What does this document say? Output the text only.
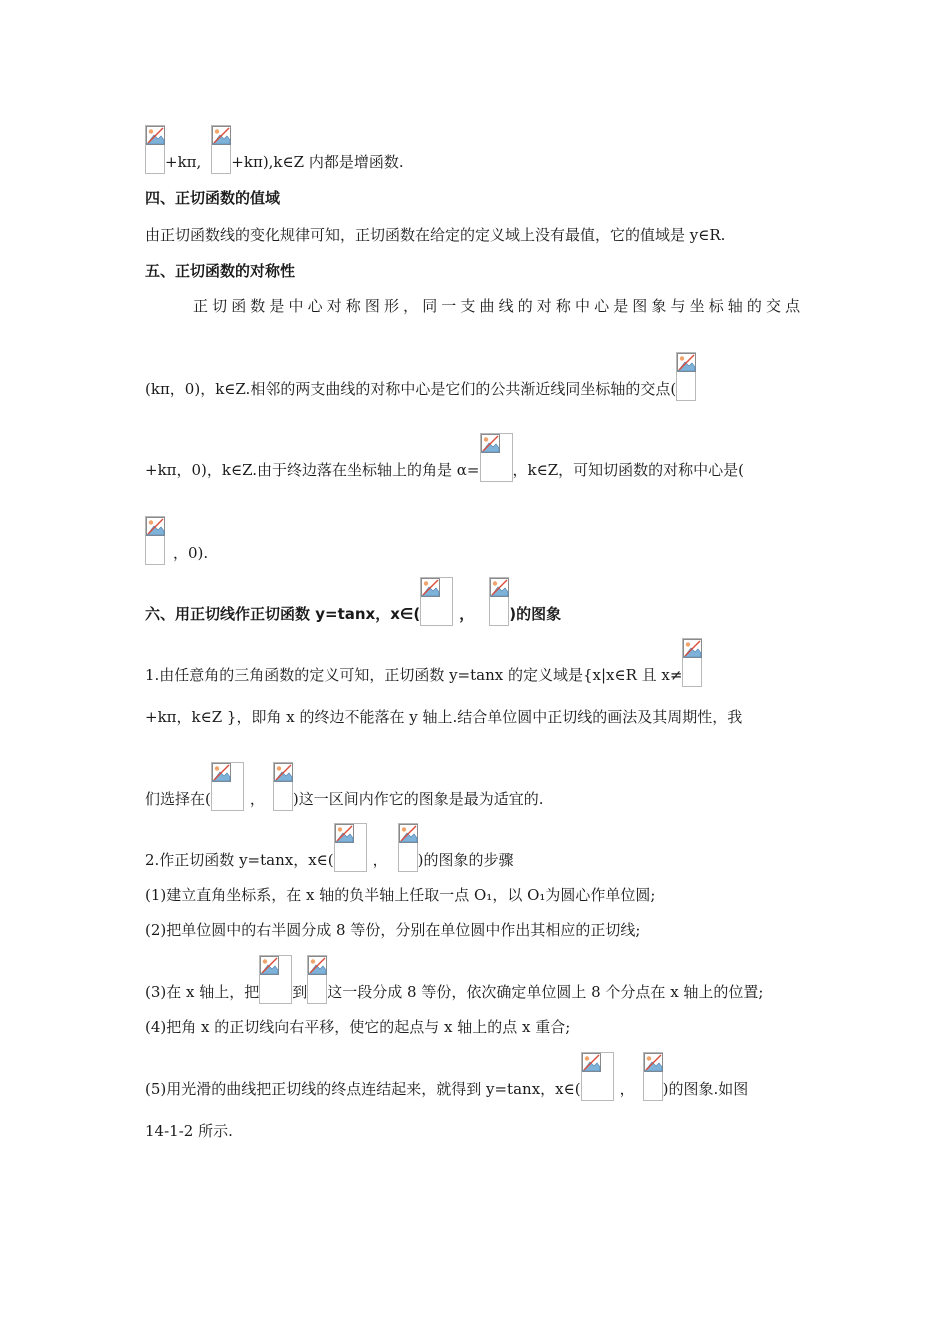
+kπ, +kπ),k∈Z 内都是增函数.
四、正切函数的值域
由正切函数线的变化规律可知，正切函数在给定的定义域上没有最值，它的值域是 y∈R.
五、正切函数的对称性
正切函数是中心对称图形，同一支曲线的对称中心是图象与坐标轴的交点
(kπ，0)，k∈Z.相邻的两支曲线的对称中心是它们的公共渐近线同坐标轴的交点(
+kπ，0)，k∈Z.由于终边落在坐标轴上的角是 α= ，k∈Z，可知切函数的对称中心是(
，0).
六、用正切线作正切函数 y=tanx，x∈(	， )的图象
1.由任意角的三角函数的定义可知，正切函数 y=tanx 的定义域是{x|x∈R 且 x≠
+kπ，k∈Z }，即角 x 的终边不能落在 y 轴上.结合单位圆中正切线的画法及其周期性，我
们选择在(	， )这一区间内作它的图象是最为适宜的.
2.作正切函数 y=tanx，x∈(	， )的图象的步骤
(1)建立直角坐标系，在 x 轴的负半轴上任取一点 O₁，以 O₁为圆心作单位圆;
(2)把单位圆中的右半圆分成 8 等份，分别在单位圆中作出其相应的正切线;
(3)在 x 轴上，把 到 这一段分成 8 等份，依次确定单位圆上 8 个分点在 x 轴上的位置;
(4)把角 x 的正切线向右平移，使它的起点与 x 轴上的点 x 重合;
(5)用光滑的曲线把正切线的终点连结起来，就得到 y=tanx，x∈(	， )的图象.如图
14-1-2 所示.
